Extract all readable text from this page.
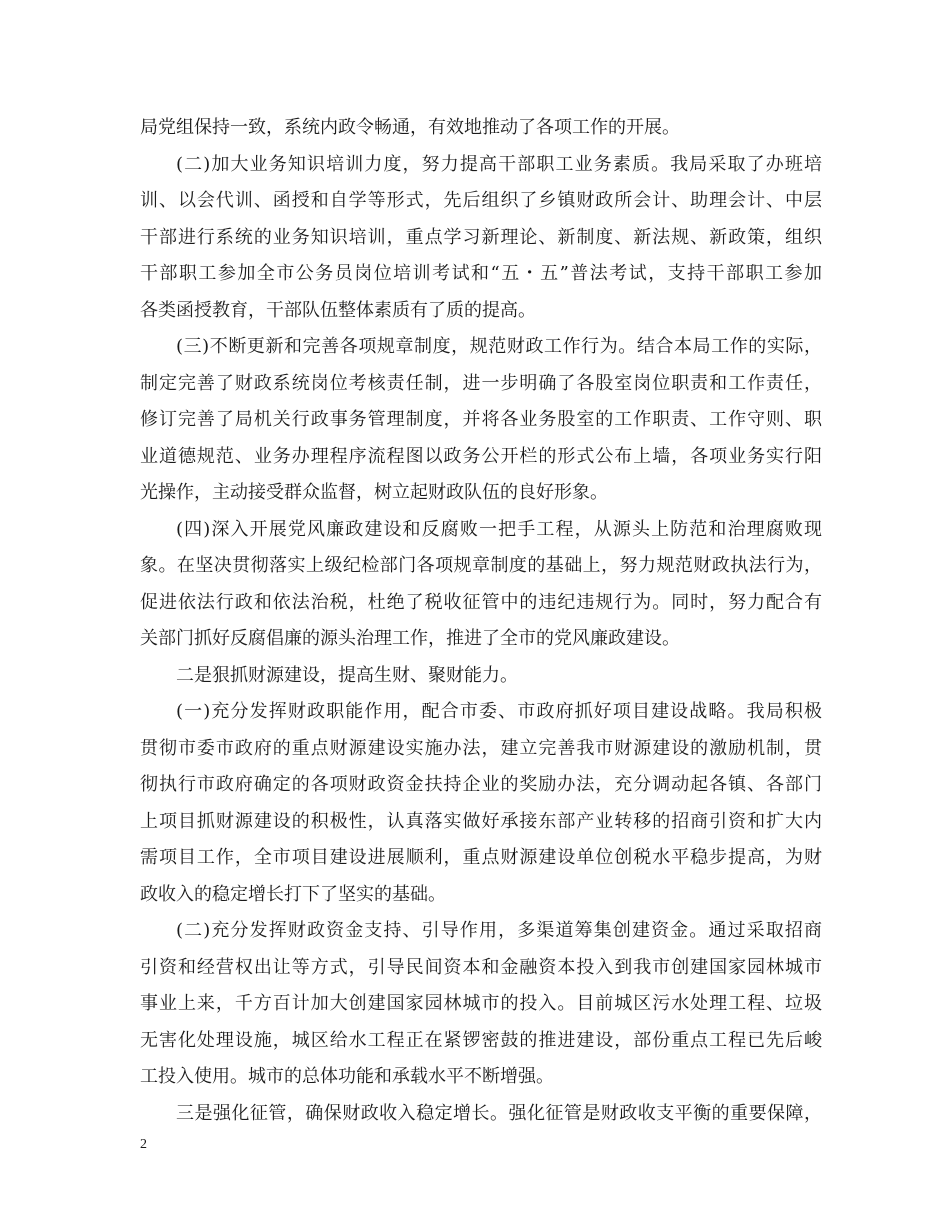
局党组保持一致，系统内政令畅通，有效地推动了各项工作的开展。
(二)加大业务知识培训力度，努力提高干部职工业务素质。我局采取了办班培
训、以会代训、函授和自学等形式，先后组织了乡镇财政所会计、助理会计、中层
干部进行系统的业务知识培训，重点学习新理论、新制度、新法规、新政策，组织
干部职工参加全市公务员岗位培训考试和“五・五”普法考试，支持干部职工参加
各类函授教育，干部队伍整体素质有了质的提高。
(三)不断更新和完善各项规章制度，规范财政工作行为。结合本局工作的实际，
制定完善了财政系统岗位考核责任制，进一步明确了各股室岗位职责和工作责任，
修订完善了局机关行政事务管理制度，并将各业务股室的工作职责、工作守则、职
业道德规范、业务办理程序流程图以政务公开栏的形式公布上墙，各项业务实行阳
光操作，主动接受群众监督，树立起财政队伍的良好形象。
(四)深入开展党风廉政建设和反腐败一把手工程，从源头上防范和治理腐败现
象。在坚决贯彻落实上级纪检部门各项规章制度的基础上，努力规范财政执法行为，
促进依法行政和依法治税，杜绝了税收征管中的违纪违规行为。同时，努力配合有
关部门抓好反腐倡廉的源头治理工作，推进了全市的党风廉政建设。
二是狠抓财源建设，提高生财、聚财能力。
(一)充分发挥财政职能作用，配合市委、市政府抓好项目建设战略。我局积极
贯彻市委市政府的重点财源建设实施办法，建立完善我市财源建设的激励机制，贯
彻执行市政府确定的各项财政资金扶持企业的奖励办法，充分调动起各镇、各部门
上项目抓财源建设的积极性，认真落实做好承接东部产业转移的招商引资和扩大内
需项目工作，全市项目建设进展顺利，重点财源建设单位创税水平稳步提高，为财
政收入的稳定增长打下了坚实的基础。
(二)充分发挥财政资金支持、引导作用，多渠道筹集创建资金。通过采取招商
引资和经营权出让等方式，引导民间资本和金融资本投入到我市创建国家园林城市
事业上来，千方百计加大创建国家园林城市的投入。目前城区污水处理工程、垃圾
无害化处理设施，城区给水工程正在紧锣密鼓的推进建设，部份重点工程已先后峻
工投入使用。城市的总体功能和承载水平不断增强。
三是强化征管，确保财政收入稳定增长。强化征管是财政收支平衡的重要保障，
2
